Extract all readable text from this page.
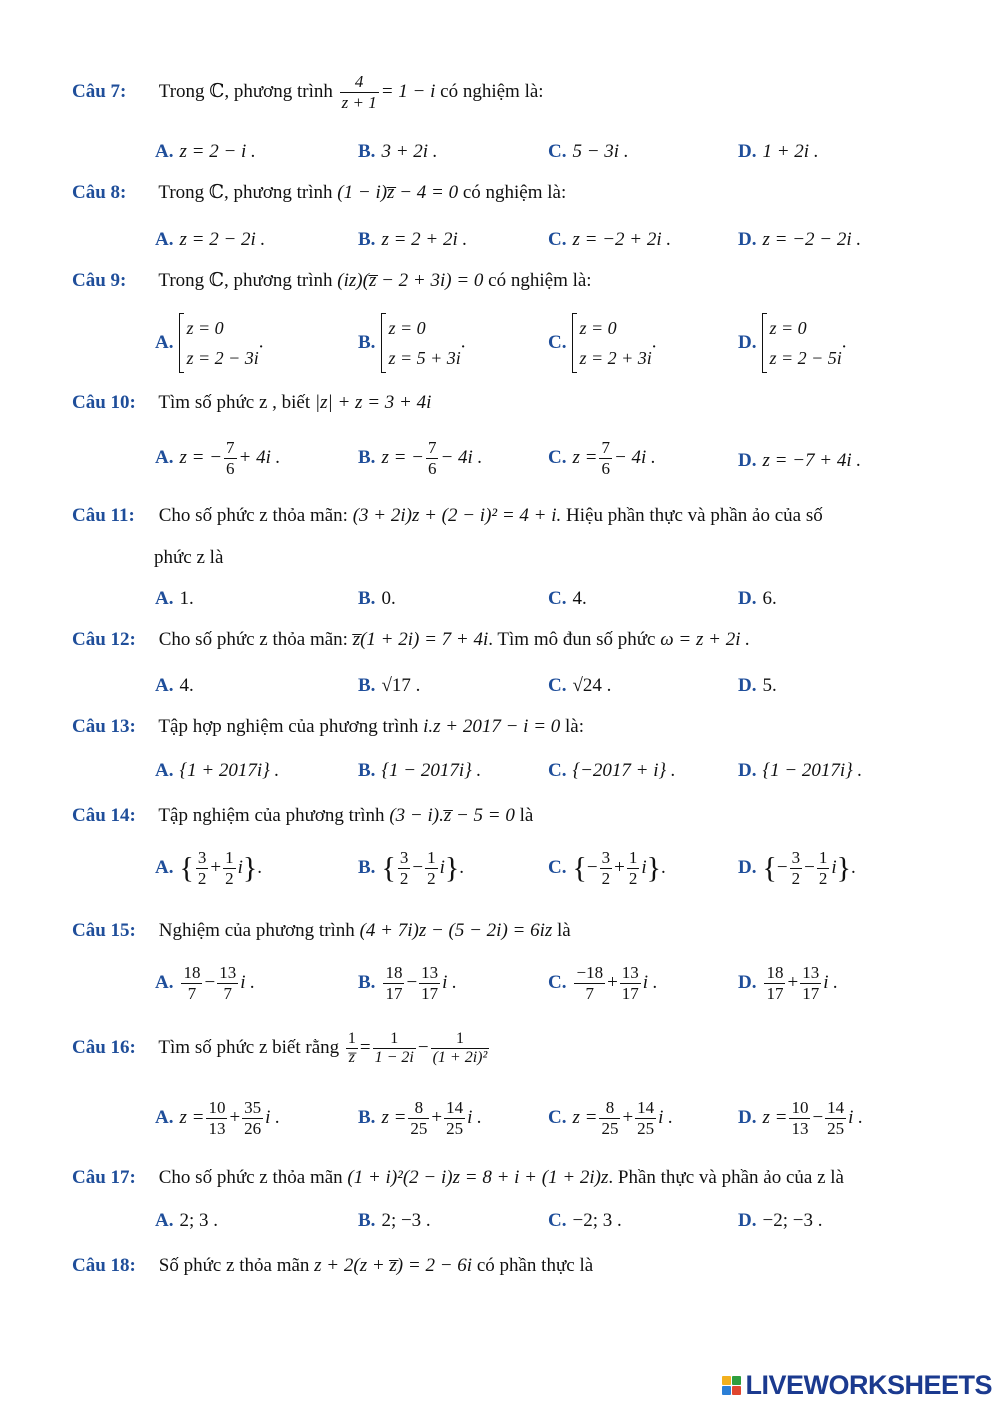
Câu 7: Trong ℂ, phương trình $\frac{4}{z + 1} = 1 - i$ có nghiệm là:
A. z = 2 − i .	B. 3 + 2i .	C. 5 − 3i .	D. 1 + 2i .
Câu 8: Trong ℂ, phương trình (1 − i)z̅ − 4 = 0 có nghiệm là:
A. z = 2 − 2i .	B. z = 2 + 2i .	C. z = −2 + 2i .	D. z = −2 − 2i .
Câu 9: Trong ℂ, phương trình (iz)(z̅ − 2 + 3i) = 0 có nghiệm là:
A.
z = 0
z = 2 − 3i
.	B.
z = 0
z = 5 + 3i
.	C.
z = 0
z = 2 + 3i
.	D.
z = 0
z = 2 − 5i
.
Câu 10: Tìm số phức z , biết |z| + z = 3 + 4i
A. z = − $\frac{7}{6} + 4i$ .	B. z = − $\frac{7}{6} - 4i$ .	C. $z = \frac{7}{6} - 4i$ .	D. z = −7 + 4i .
Câu 11: Cho số phức z thỏa mãn: (3 + 2i)z + (2 − i)² = 4 + i. Hiệu phần thực và phần ảo của số
phức z là
A. 1.	B. 0.	C. 4.	D. 6.
Câu 12: Cho số phức z thỏa mãn: z̅(1 + 2i) = 7 + 4i. Tìm mô đun số phức ω = z + 2i .
A. 4.	B. √17 .	C. √24 .	D. 5.
Câu 13: Tập hợp nghiệm của phương trình i.z + 2017 − i = 0 là:
A. {1 + 2017i} .	B. {1 − 2017i} .	C. {−2017 + i} .	D. {1 − 2017i} .
Câu 14: Tập nghiệm của phương trình (3 − i).z̅ − 5 = 0 là
A. { $\frac{3}{2} + \frac{1}{2} i$}.	B. { $\frac{3}{2} - \frac{1}{2} i$}.	C. {− $\frac{3}{2} + \frac{1}{2} i$}.	D. {− $\frac{3}{2} - \frac{1}{2} i$}.
Câu 15: Nghiệm của phương trình (4 + 7i)z − (5 − 2i) = 6iz là
A. $\frac{18}{7} - \frac{13}{7}$ i .	B. $\frac{18}{17} - \frac{13}{17}$ i .	C. $\frac{-18}{7} + \frac{13}{17}$ i .	D. $\frac{18}{17} + \frac{13}{17}$ i .
Câu 16: Tìm số phức z biết rằng $\frac{1}{z̅} = \frac{1}{1 - 2i} - \frac{1}{\text{(1 + 2i)²}}$
A. $z = \frac{10}{13} + \frac{35}{26}$ i .	B. $z = \frac{8}{25} + \frac{14}{25}$ i .	C. $z = \frac{8}{25} + \frac{14}{25}$ i .	D. $z = \frac{10}{13} - \frac{14}{25}$ i .
Câu 17: Cho số phức z thỏa mãn (1 + i)²(2 − i)z = 8 + i + (1 + 2i)z. Phần thực và phần ảo của z là
A. 2; 3 .	B. 2; −3 .	C. −2; 3 .	D. −2; −3 .
Câu 18: Số phức z thỏa mãn z + 2(z + z̅) = 2 − 6i có phần thực là
LIVEWORKSHEETS
